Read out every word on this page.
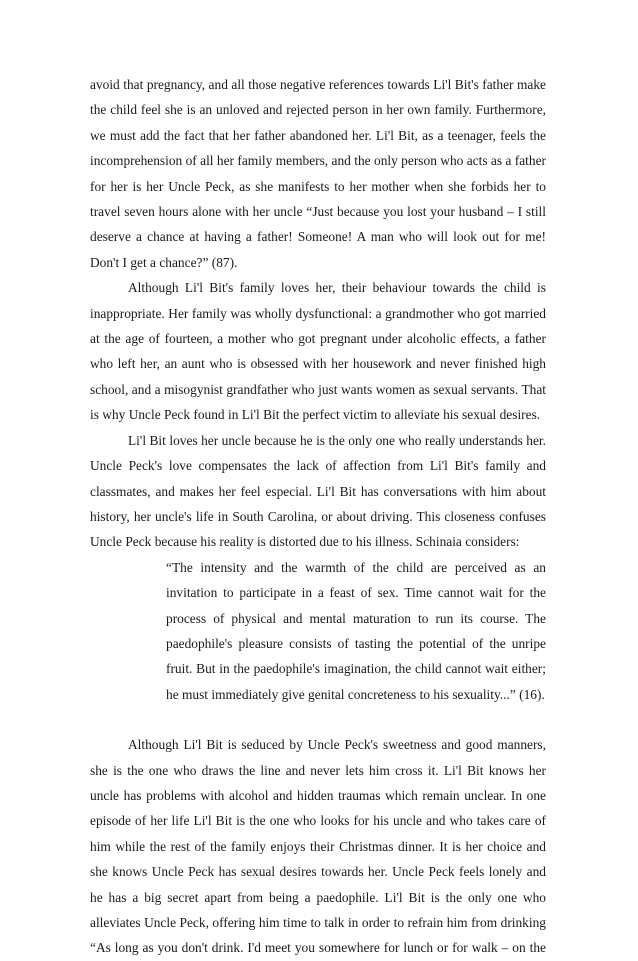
avoid that pregnancy, and all those negative references towards Li'l Bit's father make the child feel she is an unloved and rejected person in her own family. Furthermore, we must add the fact that her father abandoned her. Li'l Bit, as a teenager, feels the incomprehension of all her family members, and the only person who acts as a father for her is her Uncle Peck, as she manifests to her mother when she forbids her to travel seven hours alone with her uncle “Just because you lost your husband – I still deserve a chance at having a father! Someone! A man who will look out for me! Don't I get a chance?” (87).

Although Li'l Bit's family loves her, their behaviour towards the child is inappropriate. Her family was wholly dysfunctional: a grandmother who got married at the age of fourteen, a mother who got pregnant under alcoholic effects, a father who left her, an aunt who is obsessed with her housework and never finished high school, and a misogynist grandfather who just wants women as sexual servants. That is why Uncle Peck found in Li'l Bit the perfect victim to alleviate his sexual desires.

Li'l Bit loves her uncle because he is the only one who really understands her. Uncle Peck's love compensates the lack of affection from Li'l Bit's family and classmates, and makes her feel especial. Li'l Bit has conversations with him about history, her uncle's life in South Carolina, or about driving. This closeness confuses Uncle Peck because his reality is distorted due to his illness. Schinaia considers:

“The intensity and the warmth of the child are perceived as an invitation to participate in a feast of sex. Time cannot wait for the process of physical and mental maturation to run its course. The paedophile's pleasure consists of tasting the potential of the unripe fruit. But in the paedophile's imagination, the child cannot wait either; he must immediately give genital concreteness to his sexuality...” (16).

Although Li'l Bit is seduced by Uncle Peck's sweetness and good manners, she is the one who draws the line and never lets him cross it. Li'l Bit knows her uncle has problems with alcohol and hidden traumas which remain unclear. In one episode of her life Li'l Bit is the one who looks for his uncle and who takes care of him while the rest of the family enjoys their Christmas dinner. It is her choice and she knows Uncle Peck has sexual desires towards her. Uncle Peck feels lonely and he has a big secret apart from being a paedophile. Li'l Bit is the only one who alleviates Uncle Peck, offering him time to talk in order to refrain him from drinking “As long as you don't drink. I'd meet you somewhere for lunch or for walk – on the
